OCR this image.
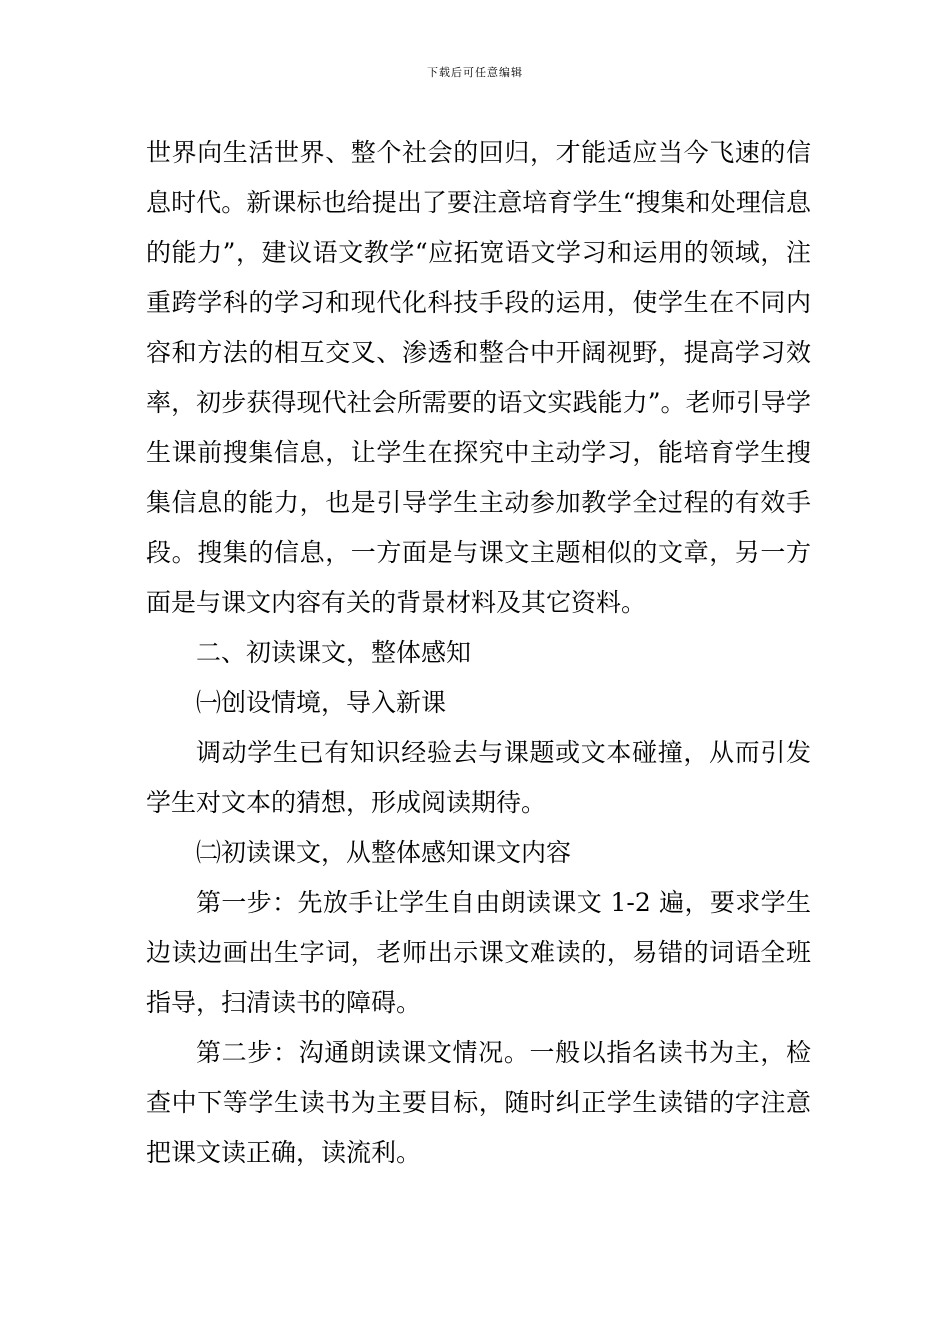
下载后可任意编辑

世界向生活世界、整个社会的回归，才能适应当今飞速的信息时代。新课标也给提出了要注意培育学生“搜集和处理信息的能力”，建议语文教学“应拓宽语文学习和运用的领域，注重跨学科的学习和现代化科技手段的运用，使学生在不同内容和方法的相互交叉、渗透和整合中开阔视野，提高学习效率，初步获得现代社会所需要的语文实践能力”。老师引导学生课前搜集信息，让学生在探究中主动学习，能培育学生搜集信息的能力，也是引导学生主动参加教学全过程的有效手段。搜集的信息，一方面是与课文主题相似的文章，另一方面是与课文内容有关的背景材料及其它资料。

二、初读课文，整体感知

㈠创设情境，导入新课

调动学生已有知识经验去与课题或文本碰撞，从而引发学生对文本的猜想，形成阅读期待。

㈡初读课文，从整体感知课文内容

第一步：先放手让学生自由朗读课文 1-2 遍，要求学生边读边画出生字词，老师出示课文难读的，易错的词语全班指导，扫清读书的障碍。

第二步：沟通朗读课文情况。一般以指名读书为主，检查中下等学生读书为主要目标，随时纠正学生读错的字注意把课文读正确，读流利。
